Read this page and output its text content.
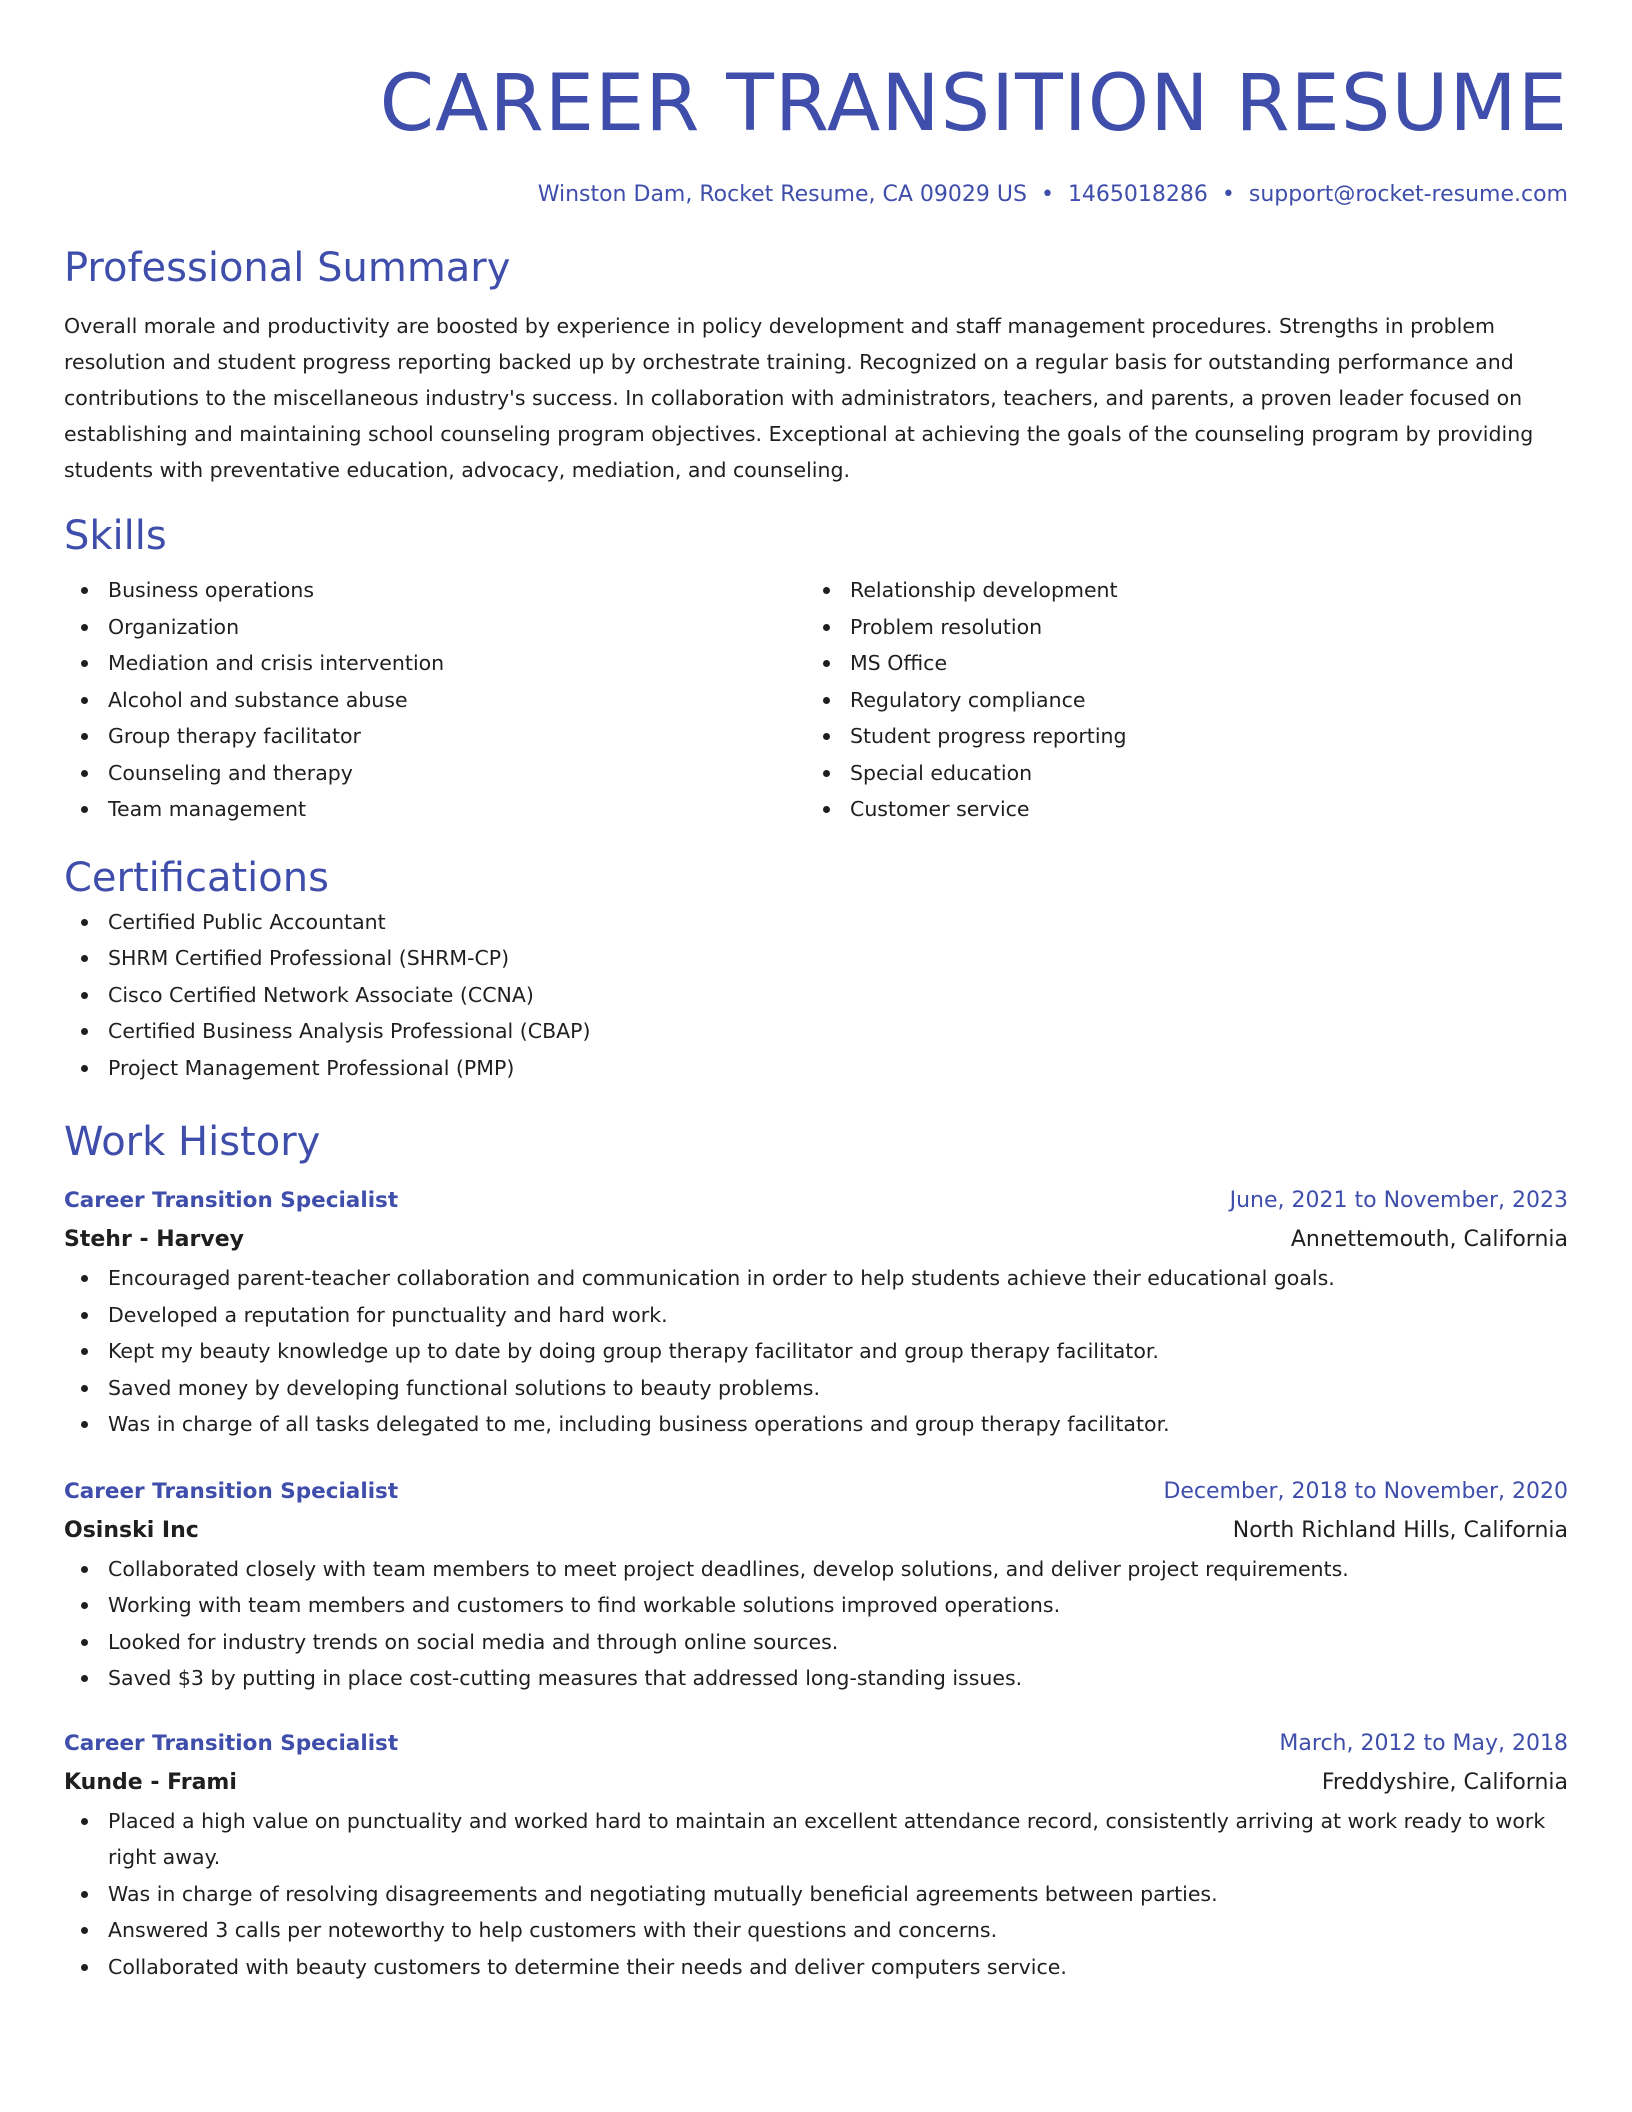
CAREER TRANSITION RESUME
Winston Dam, Rocket Resume, CA 09029 US • 1465018286 • support@rocket-resume.com
Professional Summary

Overall morale and productivity are boosted by experience in policy development and staff management procedures. Strengths in problem resolution and student progress reporting backed up by orchestrate training. Recognized on a regular basis for outstanding performance and contributions to the miscellaneous industry's success. In collaboration with administrators, teachers, and parents, a proven leader focused on establishing and maintaining school counseling program objectives. Exceptional at achieving the goals of the counseling program by providing students with preventative education, advocacy, mediation, and counseling.

Skills
Business operations
Organization
Mediation and crisis intervention
Alcohol and substance abuse
Group therapy facilitator
Counseling and therapy
Team management
Relationship development
Problem resolution
MS Office
Regulatory compliance
Student progress reporting
Special education
Customer service
Certifications
Certified Public Accountant
SHRM Certified Professional (SHRM-CP)
Cisco Certified Network Associate (CCNA)
Certified Business Analysis Professional (CBAP)
Project Management Professional (PMP)
Work History
Career Transition Specialist	June, 2021 to November, 2023
Stehr - Harvey	Annettemouth, California
Encouraged parent-teacher collaboration and communication in order to help students achieve their educational goals.
Developed a reputation for punctuality and hard work.
Kept my beauty knowledge up to date by doing group therapy facilitator and group therapy facilitator.
Saved money by developing functional solutions to beauty problems.
Was in charge of all tasks delegated to me, including business operations and group therapy facilitator.
Career Transition Specialist	December, 2018 to November, 2020
Osinski Inc	North Richland Hills, California
Collaborated closely with team members to meet project deadlines, develop solutions, and deliver project requirements.
Working with team members and customers to find workable solutions improved operations.
Looked for industry trends on social media and through online sources.
Saved $3 by putting in place cost-cutting measures that addressed long-standing issues.
Career Transition Specialist	March, 2012 to May, 2018
Kunde - Frami	Freddyshire, California
Placed a high value on punctuality and worked hard to maintain an excellent attendance record, consistently arriving at work ready to work right away.
Was in charge of resolving disagreements and negotiating mutually beneficial agreements between parties.
Answered 3 calls per noteworthy to help customers with their questions and concerns.
Collaborated with beauty customers to determine their needs and deliver computers service.
